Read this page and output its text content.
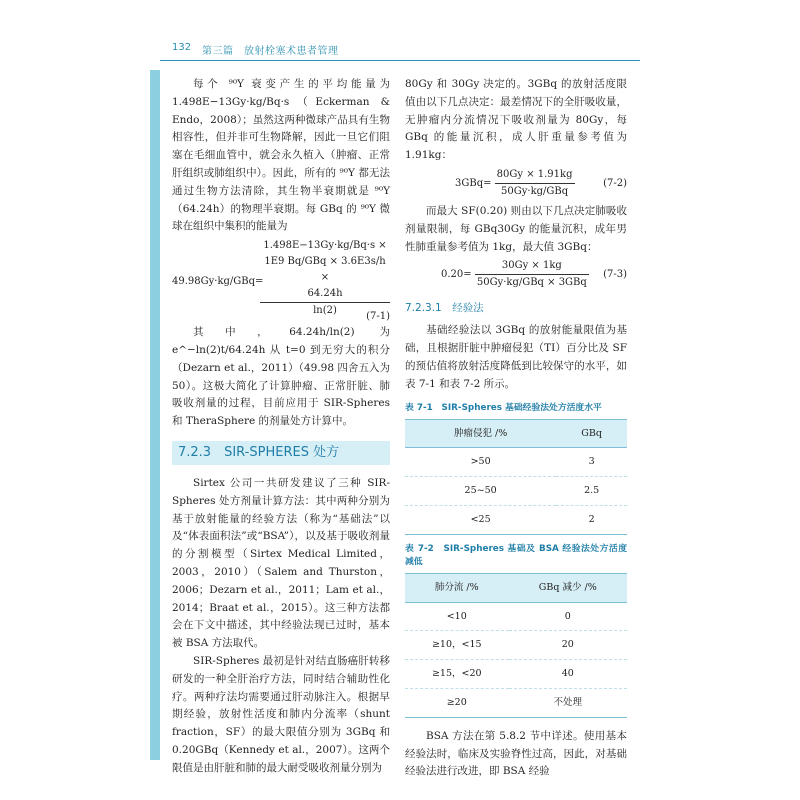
132 第三篇　放射栓塞术患者管理

每个 ⁹⁰Y 衰变产生的平均能量为 1.498E−13Gy·kg/Bq·s（Eckerman & Endo，2008）；虽然这两种微球产品具有生物相容性，但并非可生物降解，因此一旦它们阻塞在毛细血管中，就会永久植入（肿瘤、正常肝组织或肺组织中）。因此，所有的 ⁹⁰Y 都无法通过生物方法清除，其生物半衰期就是 ⁹⁰Y（64.24h）的物理半衰期。每 GBq 的 ⁹⁰Y 微球在组织中集积的能量为

49.98Gy·kg/GBq=
1.498E−13Gy·kg/Bq·s ×
1E9 Bq/GBq × 3.6E3s/h ×
64.24h
ln(2)
(7-1)

其中，64.24h/ln(2) 为 e^−ln(2)t/64.24h 从 t=0 到无穷大的积分（Dezarn et al.，2011）（49.98 四舍五入为 50）。这极大简化了计算肿瘤、正常肝脏、肺吸收剂量的过程，目前应用于 SIR-Spheres 和 TheraSphere 的剂量处方计算中。

7.2.3　SIR-SPHERES 处方

Sirtex 公司一共研发建议了三种 SIR-Spheres 处方剂量计算方法：其中两种分别为基于放射能量的经验方法（称为“基础法”以及“体表面积法”或“BSA”），以及基于吸收剂量的分割模型（Sirtex Medical Limited，2003，2010）（Salem and Thurston，2006；Dezarn et al.，2011；Lam et al.，2014；Braat et al.，2015）。这三种方法都会在下文中描述，其中经验法现已过时，基本被 BSA 方法取代。

SIR-Spheres 最初是针对结直肠癌肝转移研发的一种全肝治疗方法，同时结合辅助性化疗。两种疗法均需要通过肝动脉注入。根据早期经验，放射性活度和肺内分流率（shunt fraction，SF）的最大限值分别为 3GBq 和 0.20GBq（Kennedy et al.，2007）。这两个限值是由肝脏和肺的最大耐受吸收剂量分别为

80Gy 和 30Gy 决定的。3GBq 的放射活度限值由以下几点决定：最差情况下的全肝吸收量，无肿瘤内分流情况下吸收剂量为 80Gy，每 GBq 的能量沉积，成人肝重量参考值为 1.91kg：

$3GBq= \frac{80Gy \times 1.91kg}{\text{50Gy·kg/GBq}}$	(7-2)

而最大 SF(0.20) 则由以下几点决定肺吸收剂量限制，每 GBq30Gy 的能量沉积，成年男性肺重量参考值为 1kg，最大值 3GBq：

$0.20= \frac{30Gy \times 1kg}{\text{50Gy·kg/GBq × 3GBq}} (7-3)$
7.2.3.1　经验法

基础经验法以 3GBq 的放射能量限值为基础，且根据肝脏中肿瘤侵犯（TI）百分比及 SF 的预估值将放射活度降低到比较保守的水平，如表 7-1 和表 7-2 所示。

表 7-1　SIR-Spheres 基础经验法处方活度水平
肿瘤侵犯 /%	GBq
>50	3
25~50	2.5
<25	2
表 7-2　SIR-Spheres 基础及 BSA 经验法处方活度减低
肺分流 /%	GBq 减少 /%
<10	0
≥10，<15	20
≥15，<20	40
≥20	不处理

BSA 方法在第 5.8.2 节中详述。使用基本经验法时，临床及实验脊性过高，因此，对基础经验法进行改进，即 BSA 经验
